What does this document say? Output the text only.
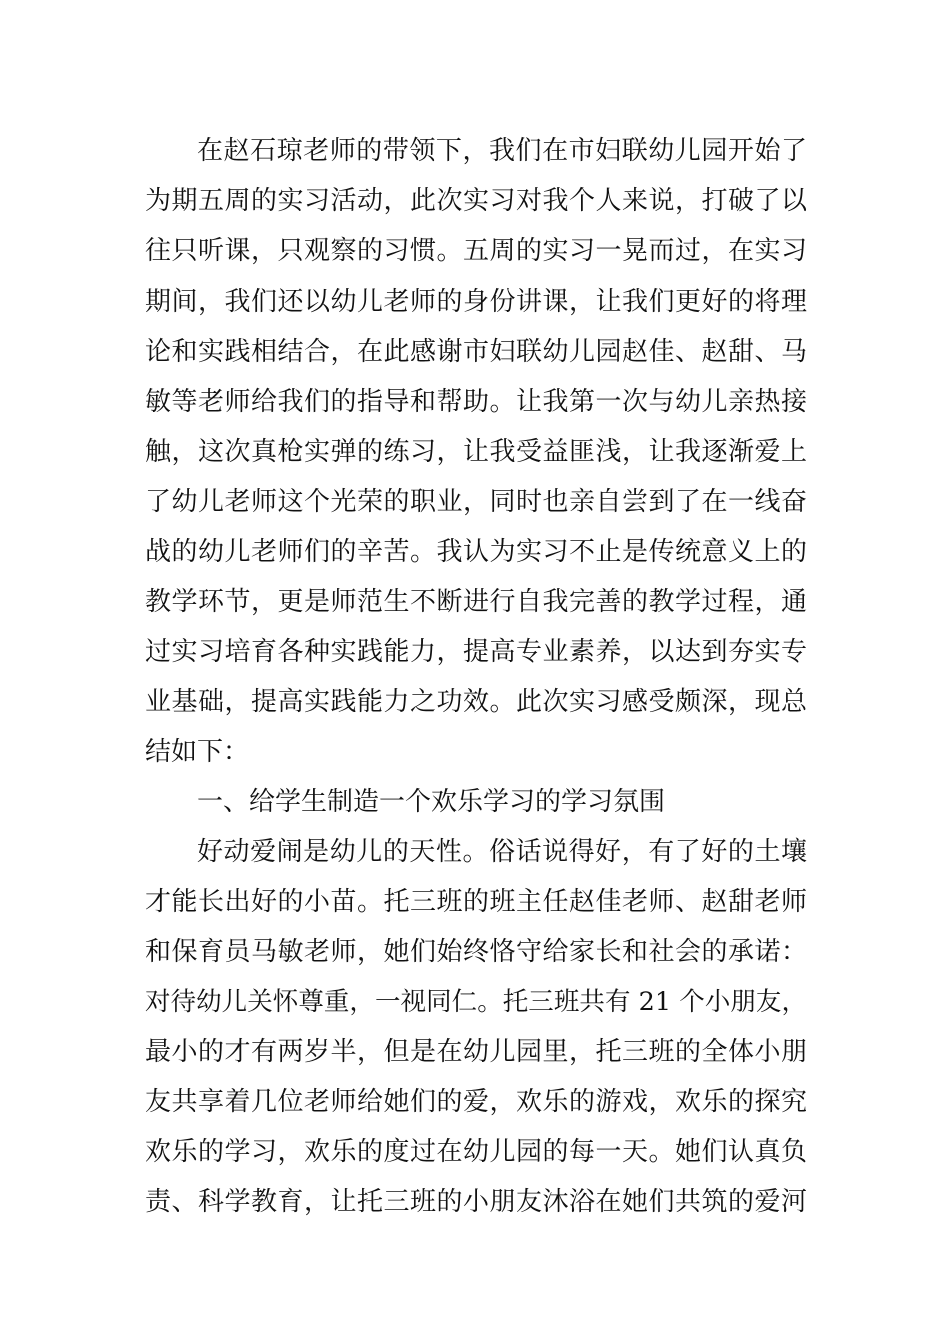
在赵石琼老师的带领下，我们在市妇联幼儿园开始了
为期五周的实习活动，此次实习对我个人来说，打破了以
往只听课，只观察的习惯。五周的实习一晃而过，在实习
期间，我们还以幼儿老师的身份讲课，让我们更好的将理
论和实践相结合，在此感谢市妇联幼儿园赵佳、赵甜、马
敏等老师给我们的指导和帮助。让我第一次与幼儿亲热接
触，这次真枪实弹的练习，让我受益匪浅，让我逐渐爱上
了幼儿老师这个光荣的职业，同时也亲自尝到了在一线奋
战的幼儿老师们的辛苦。我认为实习不止是传统意义上的
教学环节，更是师范生不断进行自我完善的教学过程，通
过实习培育各种实践能力，提高专业素养，以达到夯实专
业基础，提高实践能力之功效。此次实习感受颇深，现总
结如下：
一、给学生制造一个欢乐学习的学习氛围
好动爱闹是幼儿的天性。俗话说得好，有了好的土壤
才能长出好的小苗。托三班的班主任赵佳老师、赵甜老师
和保育员马敏老师，她们始终恪守给家长和社会的承诺：
对待幼儿关怀尊重，一视同仁。托三班共有 21 个小朋友，
最小的才有两岁半，但是在幼儿园里，托三班的全体小朋
友共享着几位老师给她们的爱，欢乐的游戏，欢乐的探究
欢乐的学习，欢乐的度过在幼儿园的每一天。她们认真负
责、科学教育，让托三班的小朋友沐浴在她们共筑的爱河
